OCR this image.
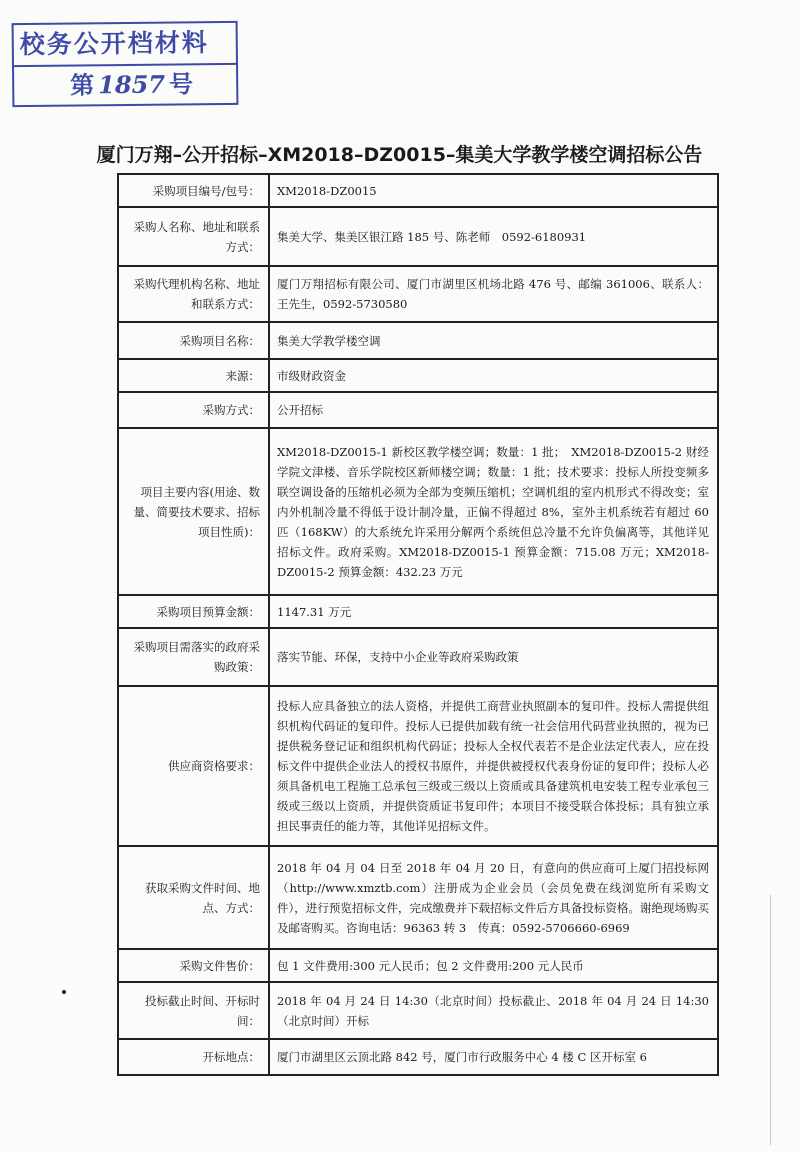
校务公开档材料
第 1857 号
厦门万翔–公开招标–XM2018–DZ0015–集美大学教学楼空调招标公告
采购项目编号/包号：	XM2018-DZ0015
采购人名称、地址和联系方式：	集美大学、集美区银江路 185 号、陈老师　0592-6180931
采购代理机构名称、地址和联系方式：	厦门万翔招标有限公司、厦门市湖里区机场北路 476 号、邮编 361006、联系人：王先生，0592-5730580
采购项目名称：	集美大学教学楼空调
来源：	市级财政资金
采购方式：	公开招标
项目主要内容(用途、数量、简要技术要求、招标项目性质)：	XM2018-DZ0015-1 新校区教学楼空调；数量：1 批；　XM2018-DZ0015-2 财经学院文津楼、音乐学院校区新师楼空调；数量：1 批；技术要求：投标人所投变频多联空调设备的压缩机必须为全部为变频压缩机；空调机组的室内机形式不得改变；室内外机制冷量不得低于设计制冷量，正偏不得超过 8%，室外主机系统若有超过 60 匹（168KW）的大系统允许采用分解两个系统但总冷量不允许负偏离等，其他详见招标文件。政府采购。XM2018-DZ0015-1 预算金额：715.08 万元；XM2018-DZ0015-2 预算金额：432.23 万元
采购项目预算金额：	1147.31 万元
采购项目需落实的政府采购政策：	落实节能、环保，支持中小企业等政府采购政策
供应商资格要求：	投标人应具备独立的法人资格，并提供工商营业执照副本的复印件。投标人需提供组织机构代码证的复印件。投标人已提供加载有统一社会信用代码营业执照的，视为已提供税务登记证和组织机构代码证；投标人全权代表若不是企业法定代表人，应在投标文件中提供企业法人的授权书原件，并提供被授权代表身份证的复印件；投标人必须具备机电工程施工总承包三级或三级以上资质或具备建筑机电安装工程专业承包三级或三级以上资质，并提供资质证书复印件；本项目不接受联合体投标；具有独立承担民事责任的能力等，其他详见招标文件。
获取采购文件时间、地点、方式：	2018 年 04 月 04 日至 2018 年 04 月 20 日，有意向的供应商可上厦门招投标网（http://www.xmztb.com）注册成为企业会员（会员免费在线浏览所有采购文件），进行预览招标文件，完成缴费并下载招标文件后方具备投标资格。谢绝现场购买及邮寄购买。咨询电话：96363 转 3　传真：0592-5706660-6969
采购文件售价：	包 1 文件费用:300 元人民币；包 2 文件费用:200 元人民币
投标截止时间、开标时间：	2018 年 04 月 24 日 14:30（北京时间）投标截止、2018 年 04 月 24 日 14:30（北京时间）开标
开标地点：	厦门市湖里区云顶北路 842 号，厦门市行政服务中心 4 楼 C 区开标室 6
